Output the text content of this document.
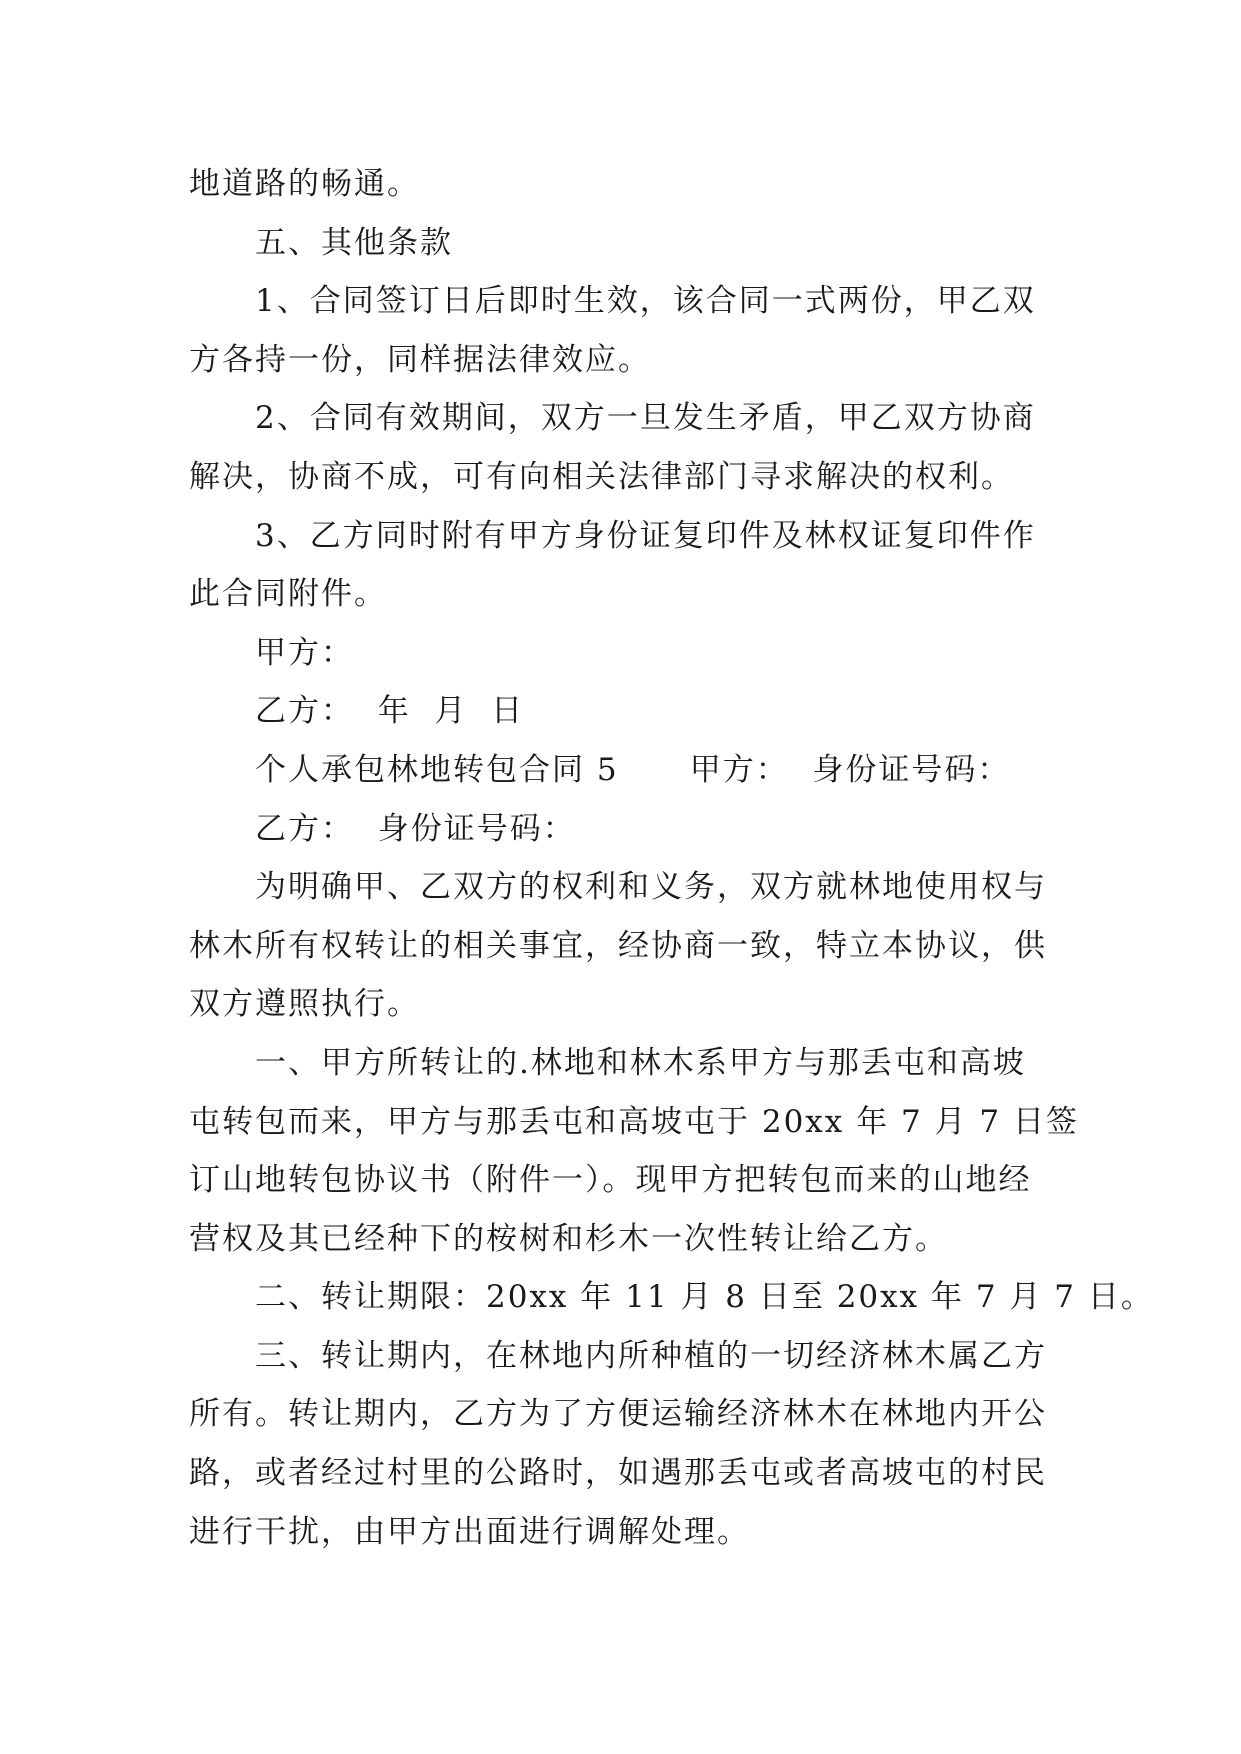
地道路的畅通。
五、其他条款
1、合同签订日后即时生效，该合同一式两份，甲乙双
方各持一份，同样据法律效应。
2、合同有效期间，双方一旦发生矛盾，甲乙双方协商
解决，协商不成，可有向相关法律部门寻求解决的权利。
3、乙方同时附有甲方身份证复印件及林权证复印件作
此合同附件。
甲方：
乙方：  年  月  日
个人承包林地转包合同 5      甲方：  身份证号码：
乙方：  身份证号码：
为明确甲、乙双方的权利和义务，双方就林地使用权与
林木所有权转让的相关事宜，经协商一致，特立本协议，供
双方遵照执行。
一、甲方所转让的.林地和林木系甲方与那丢屯和高坡
屯转包而来，甲方与那丢屯和高坡屯于 20xx 年 7 月 7 日签
订山地转包协议书（附件一）。现甲方把转包而来的山地经
营权及其已经种下的桉树和杉木一次性转让给乙方。
二、转让期限：20xx 年 11 月 8 日至 20xx 年 7 月 7 日。
三、转让期内，在林地内所种植的一切经济林木属乙方
所有。转让期内，乙方为了方便运输经济林木在林地内开公
路，或者经过村里的公路时，如遇那丢屯或者高坡屯的村民
进行干扰，由甲方出面进行调解处理。
